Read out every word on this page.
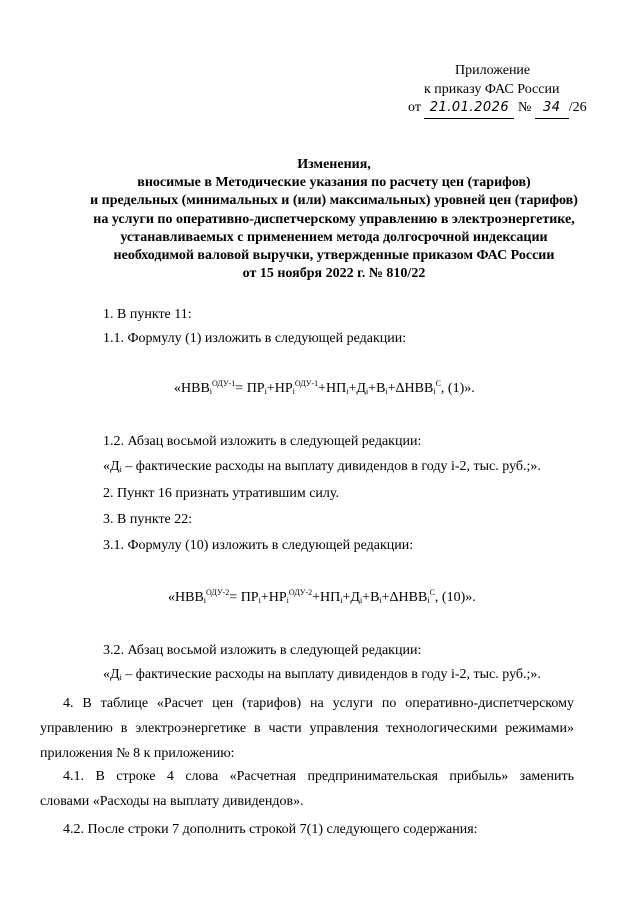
Приложение
к приказу ФАС России
от 21.01.2026 № 34 /26
Изменения,
вносимые в Методические указания по расчету цен (тарифов)
и предельных (минимальных и (или) максимальных) уровней цен (тарифов)
на услуги по оперативно-диспетчерскому управлению в электроэнергетике,
устанавливаемых с применением метода долгосрочной индексации
необходимой валовой выручки, утвержденные приказом ФАС России
от 15 ноября 2022 г. № 810/22
1. В пункте 11:
1.1. Формулу (1) изложить в следующей редакции:
«$НВВ_i^{ОДУ-1}= ПР_i+НР_i^{ОДУ-1}+НП_i+Д_i+В_i+\Delta НВВ_i^С$, (1)».
1.2. Абзац восьмой изложить в следующей редакции:
«$Д_i$ – фактические расходы на выплату дивидендов в году i-2, тыс. руб.;».
2. Пункт 16 признать утратившим силу.
3. В пункте 22:
3.1. Формулу (10) изложить в следующей редакции:
«$НВВ_i^{ОДУ-2}= ПР_i+НР_i^{ОДУ-2}+НП_i+Д_i+В_i+\Delta НВВ_i^С$, (10)».
3.2. Абзац восьмой изложить в следующей редакции:
«$Д_i$ – фактические расходы на выплату дивидендов в году i-2, тыс. руб.;».
4. В таблице «Расчет цен (тарифов) на услуги по оперативно-диспетчерскому
управлению в электроэнергетике в части управления технологическими режимами»
приложения № 8 к приложению:
4.1. В строке 4 слова «Расчетная предпринимательская прибыль» заменить
словами «Расходы на выплату дивидендов».
4.2. После строки 7 дополнить строкой 7(1) следующего содержания:
